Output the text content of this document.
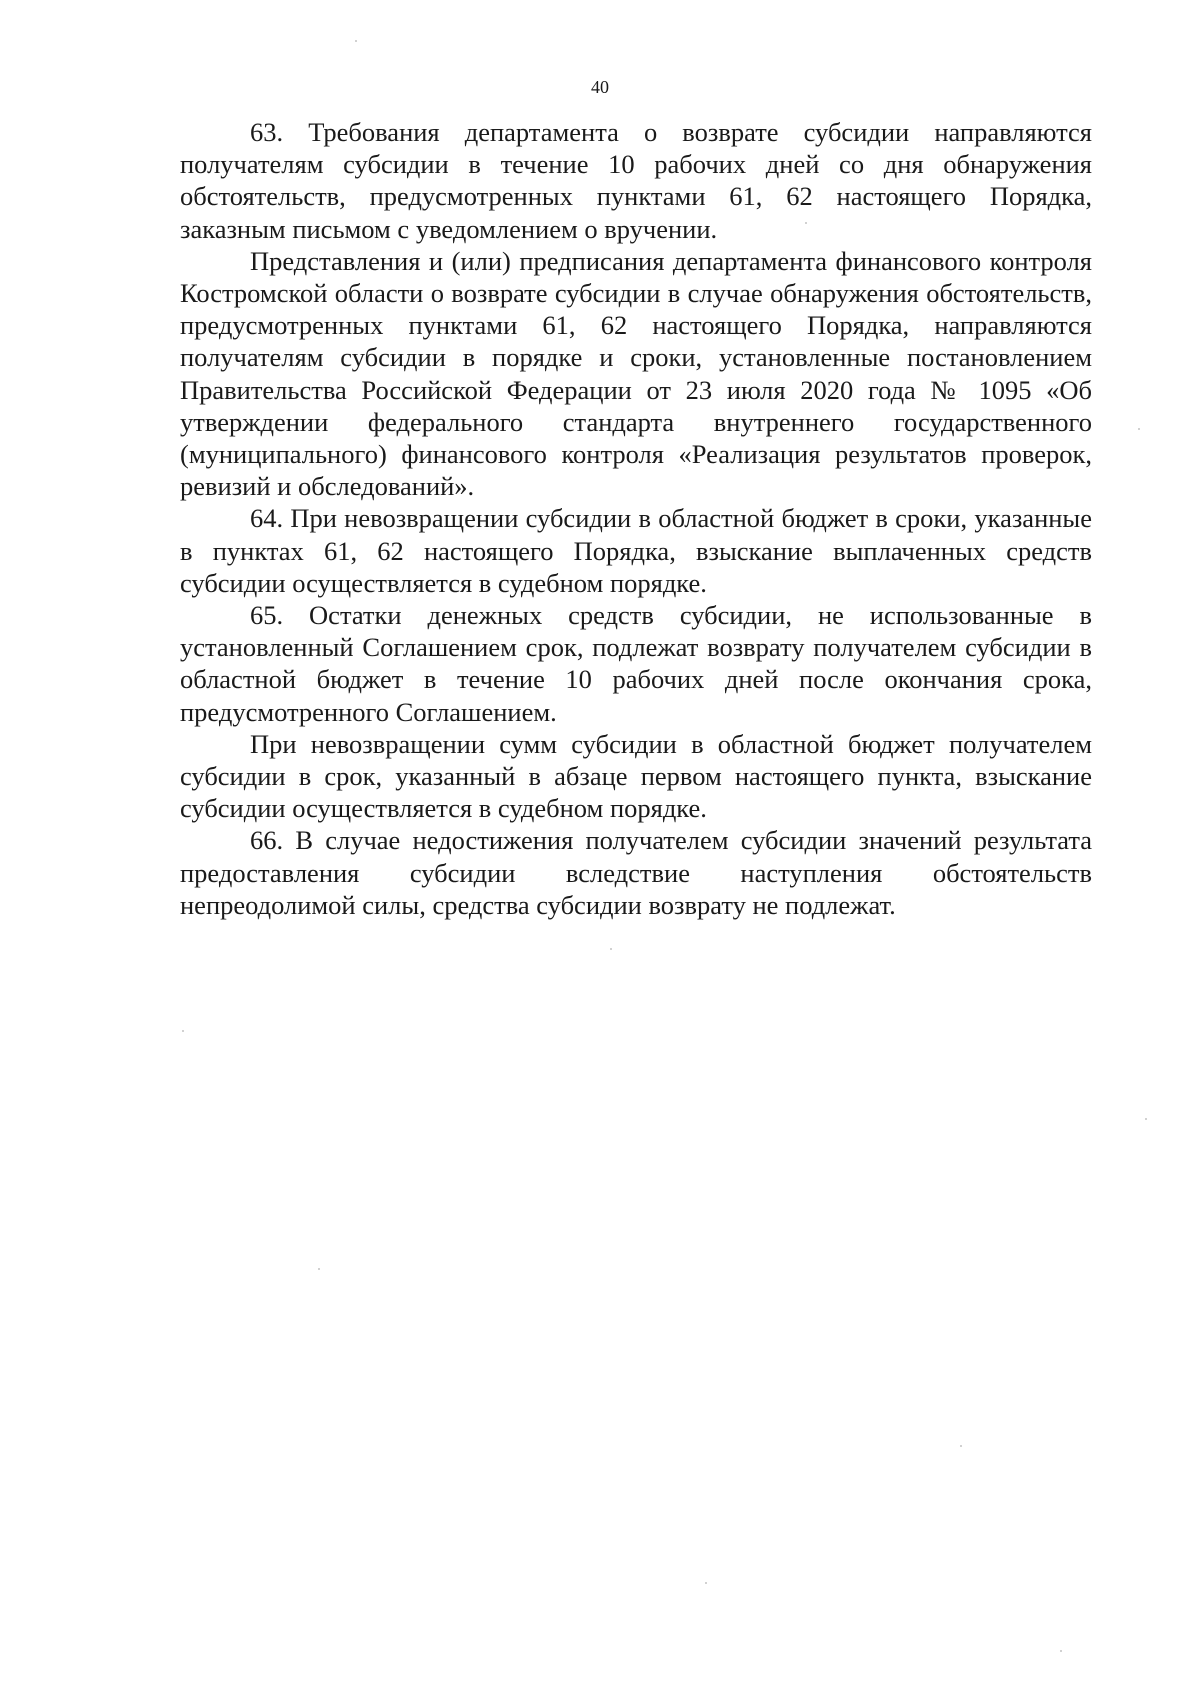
40

63. Требования департамента о возврате субсидии направляются получателям субсидии в течение 10 рабочих дней со дня обнаружения обстоятельств, предусмотренных пунктами 61, 62 настоящего Порядка, заказным письмом с уведомлением о вручении.

Представления и (или) предписания департамента финансового контроля Костромской области о возврате субсидии в случае обнаружения обстоятельств, предусмотренных пунктами 61, 62 настоящего Порядка, направляются получателям субсидии в порядке и сроки, установленные постановлением Правительства Российской Федерации от 23 июля 2020 года № 1095 «Об утверждении федерального стандарта внутреннего государственного (муниципального) финансового контроля «Реализация результатов проверок, ревизий и обследований».

64. При невозвращении субсидии в областной бюджет в сроки, указанные в пунктах 61, 62 настоящего Порядка, взыскание выплаченных средств субсидии осуществляется в судебном порядке.

65. Остатки денежных средств субсидии, не использованные в установленный Соглашением срок, подлежат возврату получателем субсидии в областной бюджет в течение 10 рабочих дней после окончания срока, предусмотренного Соглашением.

При невозвращении сумм субсидии в областной бюджет получателем субсидии в срок, указанный в абзаце первом настоящего пункта, взыскание субсидии осуществляется в судебном порядке.

66. В случае недостижения получателем субсидии значений результата предоставления субсидии вследствие наступления обстоятельств непреодолимой силы, средства субсидии возврату не подлежат.
